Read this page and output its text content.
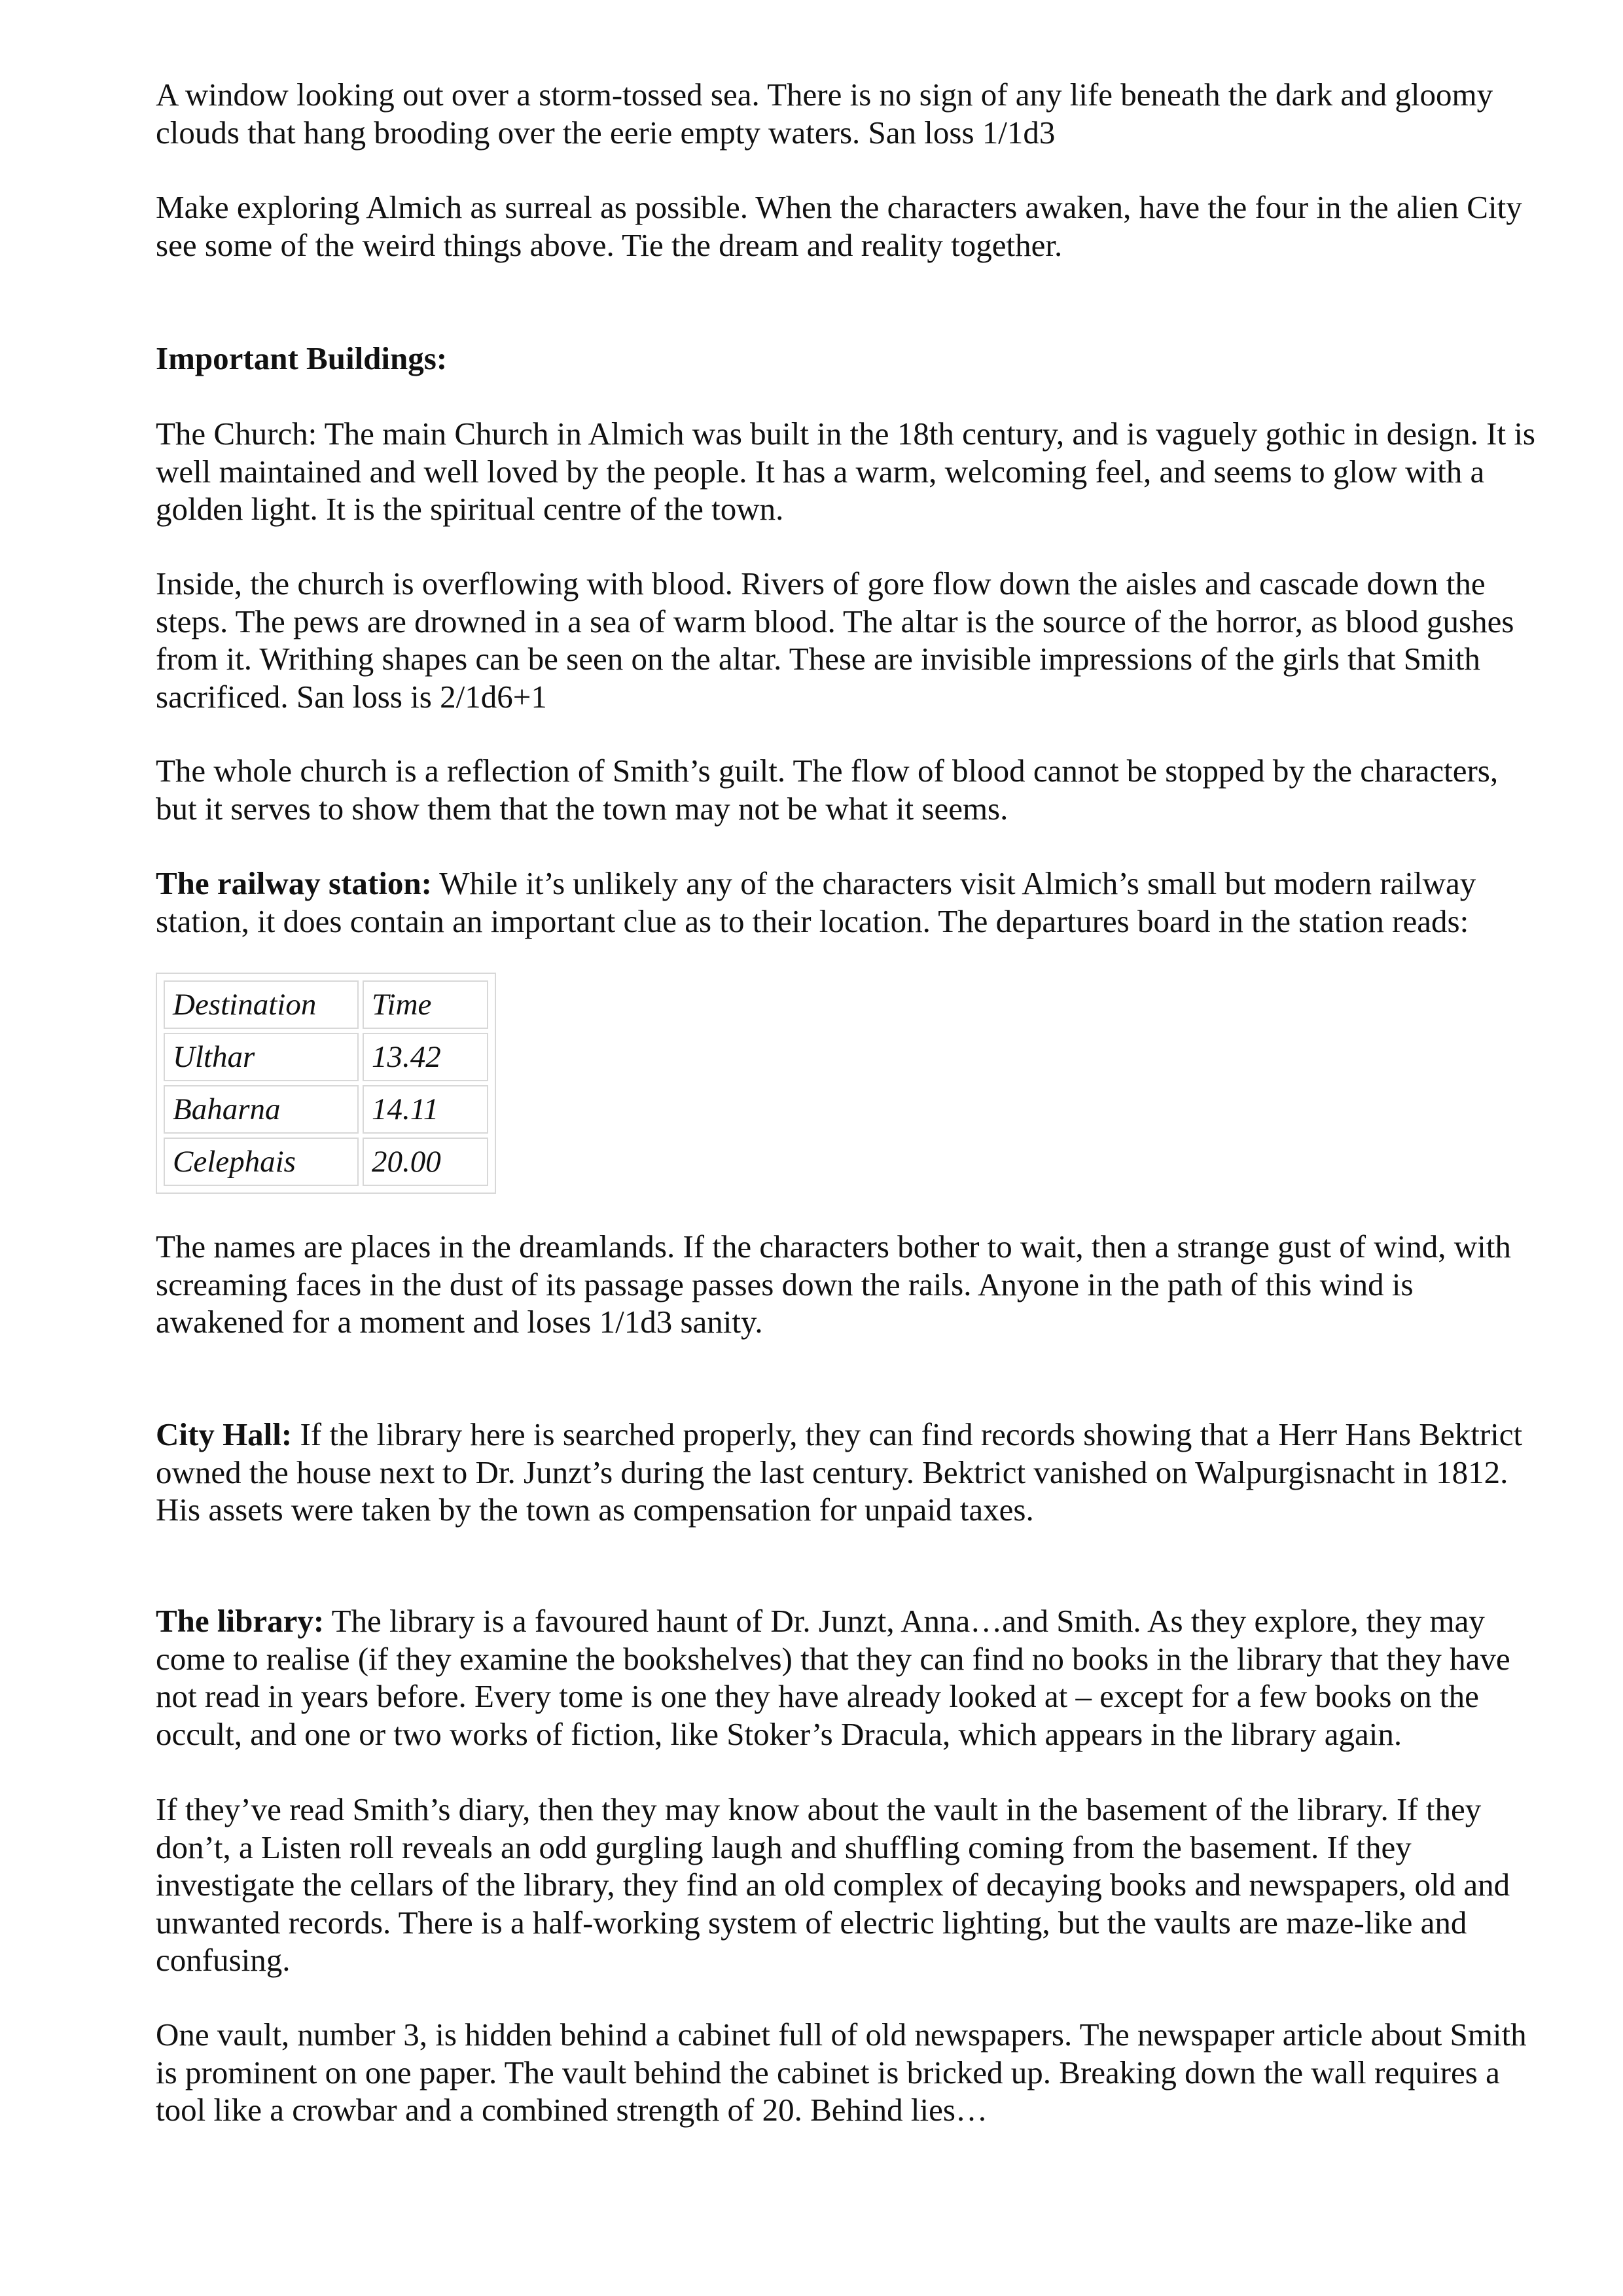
A window looking out over a storm-tossed sea. There is no sign of any life beneath the dark and gloomy clouds that hang brooding over the eerie empty waters. San loss 1/1d3

Make exploring Almich as surreal as possible. When the characters awaken, have the four in the alien City see some of the weird things above. Tie the dream and reality together.

Important Buildings:

The Church: The main Church in Almich was built in the 18th century, and is vaguely gothic in design. It is well maintained and well loved by the people. It has a warm, welcoming feel, and seems to glow with a golden light. It is the spiritual centre of the town.

Inside, the church is overflowing with blood. Rivers of gore flow down the aisles and cascade down the steps. The pews are drowned in a sea of warm blood. The altar is the source of the horror, as blood gushes from it. Writhing shapes can be seen on the altar. These are invisible impressions of the girls that Smith sacrificed. San loss is 2/1d6+1

The whole church is a reflection of Smith’s guilt. The flow of blood cannot be stopped by the characters, but it serves to show them that the town may not be what it seems.

The railway station: While it’s unlikely any of the characters visit Almich’s small but modern railway station, it does contain an important clue as to their location. The departures board in the station reads:

Destination	Time
Ulthar	13.42
Baharna	14.11
Celephais	20.00

The names are places in the dreamlands. If the characters bother to wait, then a strange gust of wind, with screaming faces in the dust of its passage passes down the rails. Anyone in the path of this wind is awakened for a moment and loses 1/1d3 sanity.

City Hall: If the library here is searched properly, they can find records showing that a Herr Hans Bektrict owned the house next to Dr. Junzt’s during the last century. Bektrict vanished on Walpurgisnacht in 1812. His assets were taken by the town as compensation for unpaid taxes.

The library: The library is a favoured haunt of Dr. Junzt, Anna…and Smith. As they explore, they may come to realise (if they examine the bookshelves) that they can find no books in the library that they have not read in years before. Every tome is one they have already looked at – except for a few books on the occult, and one or two works of fiction, like Stoker’s Dracula, which appears in the library again.

If they’ve read Smith’s diary, then they may know about the vault in the basement of the library. If they don’t, a Listen roll reveals an odd gurgling laugh and shuffling coming from the basement. If they investigate the cellars of the library, they find an old complex of decaying books and newspapers, old and unwanted records. There is a half-working system of electric lighting, but the vaults are maze-like and confusing.

One vault, number 3, is hidden behind a cabinet full of old newspapers. The newspaper article about Smith is prominent on one paper. The vault behind the cabinet is bricked up. Breaking down the wall requires a tool like a crowbar and a combined strength of 20. Behind lies…
